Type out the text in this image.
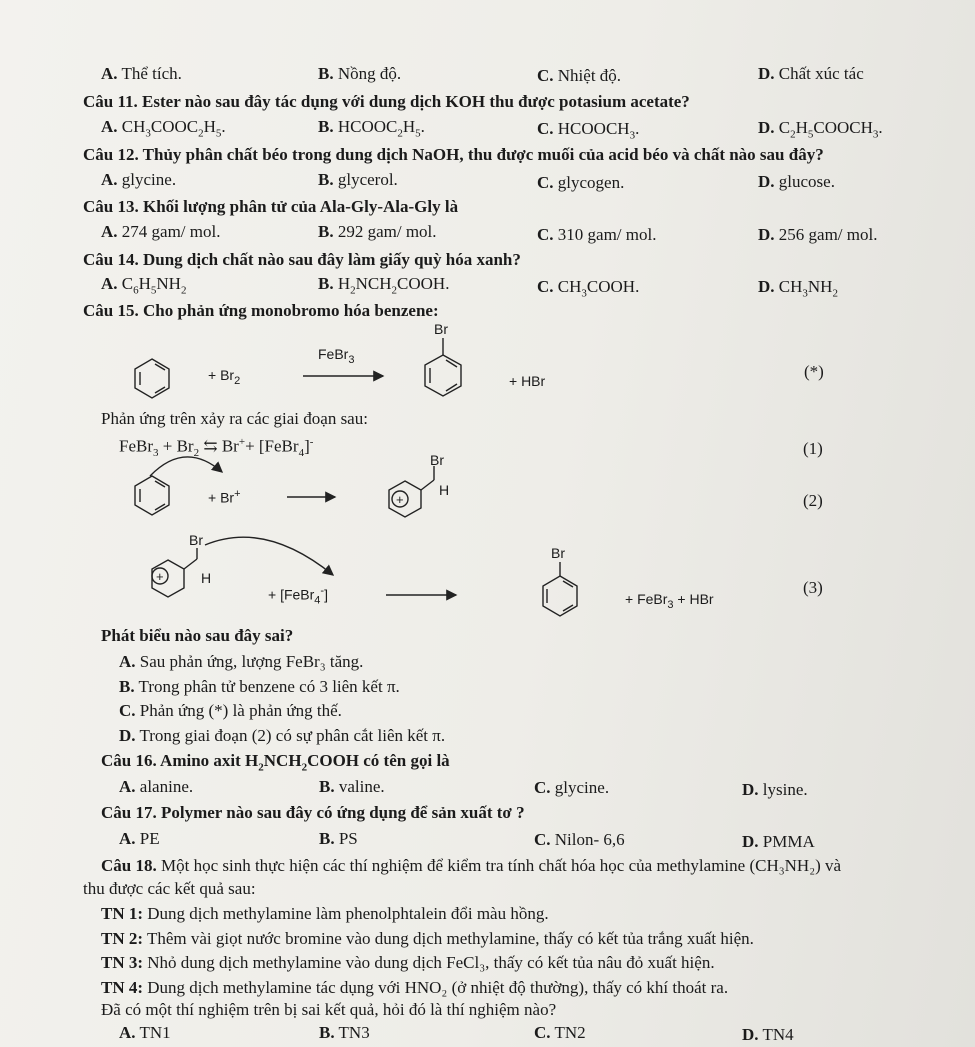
A. Thể tích.	B. Nồng độ.	C. Nhiệt độ.	D. Chất xúc tác
Câu 11. Ester nào sau đây tác dụng với dung dịch KOH thu được potasium acetate?
A. $CH_3COOC_2H_5$.	B. $HCOOC_2H_5$.	C. $HCOOCH_3$.	D. $C_2H_5COOCH_3$.
Câu 12. Thủy phân chất béo trong dung dịch NaOH, thu được muối của acid béo và chất nào sau đây?
A. glycine.	B. glycerol.	C. glycogen.	D. glucose.
Câu 13. Khối lượng phân tử của Ala-Gly-Ala-Gly là
A. 274 gam/ mol.	B. 292 gam/ mol.	C. 310 gam/ mol.	D. 256 gam/ mol.
Câu 14. Dung dịch chất nào sau đây làm giấy quỳ hóa xanh?
A. $C_6H_5NH_2$	B. $H_2NCH_2COOH$.	C. $CH_3COOH$.	D. $CH_3NH_2$
Câu 15. Cho phản ứng monobromo hóa benzene:
+
+
+ $Br_2$
FeBr$_3$
Br
+ HBr	(*)
Phản ứng trên xảy ra các giai đoạn sau:
FeBr$_3$ + $Br_2$ ⇆ Br++ [FeBr$_4$]-	(1)
+ Br+
Br
H
(2)
Br
H
+ [FeBr$_4$-]
Br
+ FeBr$_3$ + HBr
(3)
Phát biểu nào sau đây sai?
A. Sau phản ứng, lượng FeBr₃ tăng.
B. Trong phân tử benzene có 3 liên kết π.
C. Phản ứng (*) là phản ứng thế.
D. Trong giai đoạn (2) có sự phân cắt liên kết π.
Câu 16. Amino axit $H_2NCH_2COOH$ có tên gọi là
A. alanine.	B. valine.	C. glycine.	D. lysine.
Câu 17. Polymer nào sau đây có ứng dụng để sản xuất tơ ?
A. PE	B. PS	C. Nilon- 6,6	D. PMMA
Câu 18. Một học sinh thực hiện các thí nghiệm để kiểm tra tính chất hóa học của methylamine (CH₃NH₂) và
thu được các kết quả sau:
TN 1: Dung dịch methylamine làm phenolphtalein đổi màu hồng.
TN 2: Thêm vài giọt nước bromine vào dung dịch methylamine, thấy có kết tủa trắng xuất hiện.
TN 3: Nhỏ dung dịch methylamine vào dung dịch FeCl₃, thấy có kết tủa nâu đỏ xuất hiện.
TN 4: Dung dịch methylamine tác dụng với HNO₂ (ở nhiệt độ thường), thấy có khí thoát ra.
Đã có một thí nghiệm trên bị sai kết quả, hỏi đó là thí nghiệm nào?
A. TN1	B. TN3	C. TN2	D. TN4
